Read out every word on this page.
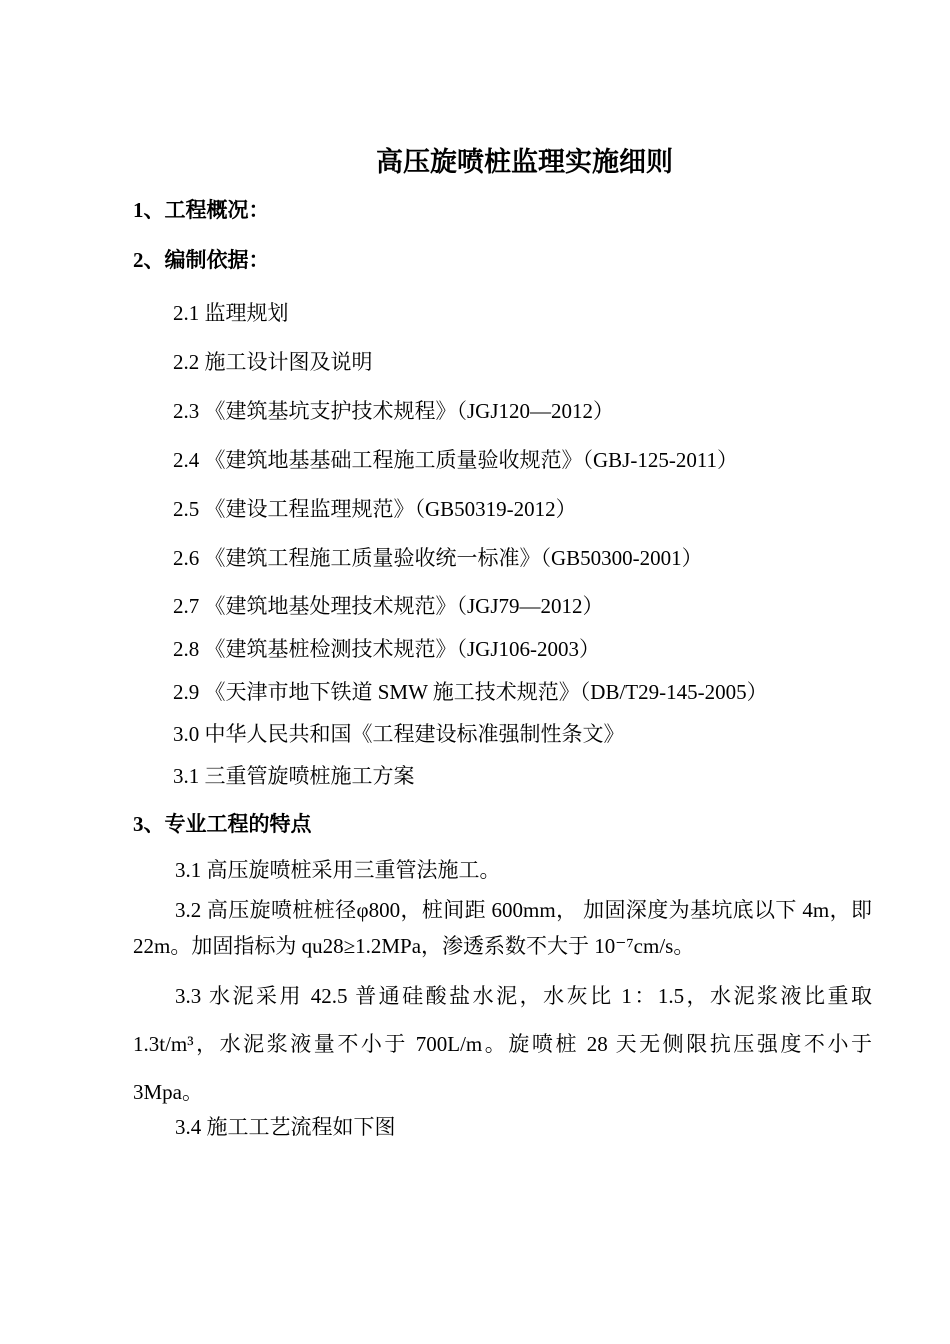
高压旋喷桩监理实施细则
1、工程概况：
2、编制依据：
2.1 监理规划
2.2 施工设计图及说明
2.3 《建筑基坑支护技术规程》（JGJ120—2012）
2.4 《建筑地基基础工程施工质量验收规范》（GBJ-125-2011）
2.5 《建设工程监理规范》（GB50319-2012）
2.6 《建筑工程施工质量验收统一标准》（GB50300-2001）
2.7 《建筑地基处理技术规范》（JGJ79—2012）
2.8 《建筑基桩检测技术规范》（JGJ106-2003）
2.9 《天津市地下铁道 SMW 施工技术规范》（DB/T29-145-2005）
3.0 中华人民共和国《工程建设标准强制性条文》
3.1 三重管旋喷桩施工方案
3、专业工程的特点
3.1 高压旋喷桩采用三重管法施工。
3.2 高压旋喷桩桩径φ800，桩间距 600mm， 加固深度为基坑底以下 4m，即 22m。加固指标为 qu28≥1.2MPa，渗透系数不大于 10⁻⁷cm/s。
3.3 水泥采用 42.5 普通硅酸盐水泥，水灰比 1：1.5，水泥浆液比重取 1.3t/m³，水泥浆液量不小于 700L/m。旋喷桩 28 天无侧限抗压强度不小于 3Mpa。
3.4 施工工艺流程如下图
